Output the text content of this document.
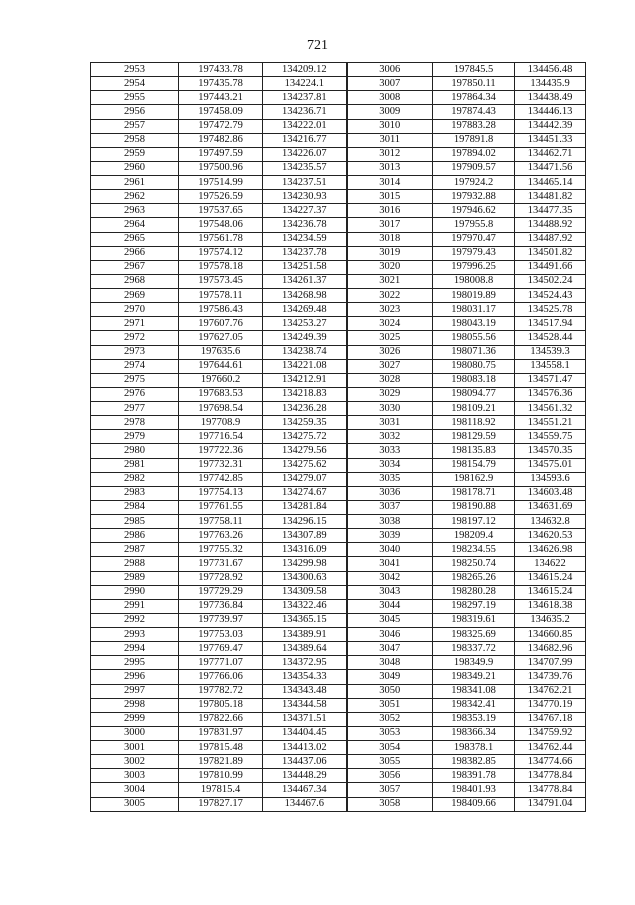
721
2953	197433.78	134209.12	3006	197845.5	134456.48
2954	197435.78	134224.1	3007	197850.11	134435.9
2955	197443.21	134237.81	3008	197864.34	134438.49
2956	197458.09	134236.71	3009	197874.43	134446.13
2957	197472.79	134222.01	3010	197883.28	134442.39
2958	197482.86	134216.77	3011	197891.8	134451.33
2959	197497.59	134226.07	3012	197894.02	134462.71
2960	197500.96	134235.57	3013	197909.57	134471.56
2961	197514.99	134237.51	3014	197924.2	134465.14
2962	197526.59	134230.93	3015	197932.88	134481.82
2963	197537.65	134227.37	3016	197946.62	134477.35
2964	197548.06	134236.78	3017	197955.8	134488.92
2965	197561.78	134234.59	3018	197970.47	134487.92
2966	197574.12	134237.78	3019	197979.43	134501.82
2967	197578.18	134251.58	3020	197996.25	134491.66
2968	197573.45	134261.37	3021	198008.8	134502.24
2969	197578.11	134268.98	3022	198019.89	134524.43
2970	197586.43	134269.48	3023	198031.17	134525.78
2971	197607.76	134253.27	3024	198043.19	134517.94
2972	197627.05	134249.39	3025	198055.56	134528.44
2973	197635.6	134238.74	3026	198071.36	134539.3
2974	197644.61	134221.08	3027	198080.75	134558.1
2975	197660.2	134212.91	3028	198083.18	134571.47
2976	197683.53	134218.83	3029	198094.77	134576.36
2977	197698.54	134236.28	3030	198109.21	134561.32
2978	197708.9	134259.35	3031	198118.92	134551.21
2979	197716.54	134275.72	3032	198129.59	134559.75
2980	197722.36	134279.56	3033	198135.83	134570.35
2981	197732.31	134275.62	3034	198154.79	134575.01
2982	197742.85	134279.07	3035	198162.9	134593.6
2983	197754.13	134274.67	3036	198178.71	134603.48
2984	197761.55	134281.84	3037	198190.88	134631.69
2985	197758.11	134296.15	3038	198197.12	134632.8
2986	197763.26	134307.89	3039	198209.4	134620.53
2987	197755.32	134316.09	3040	198234.55	134626.98
2988	197731.67	134299.98	3041	198250.74	134622
2989	197728.92	134300.63	3042	198265.26	134615.24
2990	197729.29	134309.58	3043	198280.28	134615.24
2991	197736.84	134322.46	3044	198297.19	134618.38
2992	197739.97	134365.15	3045	198319.61	134635.2
2993	197753.03	134389.91	3046	198325.69	134660.85
2994	197769.47	134389.64	3047	198337.72	134682.96
2995	197771.07	134372.95	3048	198349.9	134707.99
2996	197766.06	134354.33	3049	198349.21	134739.76
2997	197782.72	134343.48	3050	198341.08	134762.21
2998	197805.18	134344.58	3051	198342.41	134770.19
2999	197822.66	134371.51	3052	198353.19	134767.18
3000	197831.97	134404.45	3053	198366.34	134759.92
3001	197815.48	134413.02	3054	198378.1	134762.44
3002	197821.89	134437.06	3055	198382.85	134774.66
3003	197810.99	134448.29	3056	198391.78	134778.84
3004	197815.4	134467.34	3057	198401.93	134778.84
3005	197827.17	134467.6	3058	198409.66	134791.04
